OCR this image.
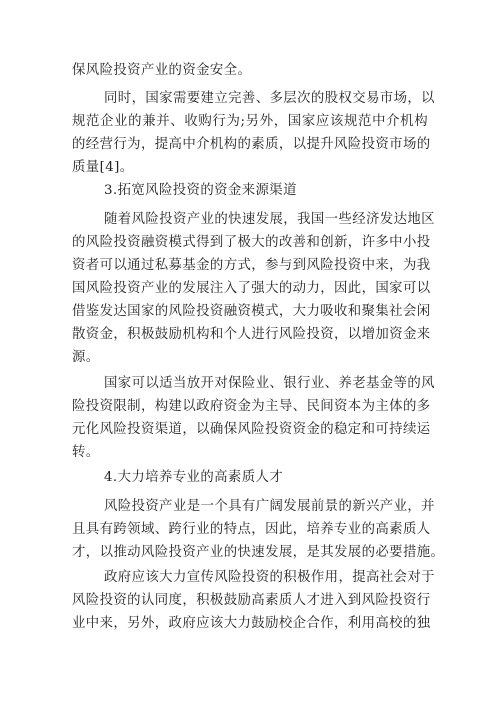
保风险投资产业的资金安全。
同时，国家需要建立完善、多层次的股权交易市场，以
规范企业的兼并、收购行为;另外，国家应该规范中介机构
的经营行为，提高中介机构的素质，以提升风险投资市场的
质量[4]。
3.拓宽风险投资的资金来源渠道
随着风险投资产业的快速发展，我国一些经济发达地区
的风险投资融资模式得到了极大的改善和创新，许多中小投
资者可以通过私募基金的方式，参与到风险投资中来，为我
国风险投资产业的发展注入了强大的动力，因此，国家可以
借鉴发达国家的风险投资融资模式，大力吸收和聚集社会闲
散资金，积极鼓励机构和个人进行风险投资，以增加资金来
源。
国家可以适当放开对保险业、银行业、养老基金等的风
险投资限制，构建以政府资金为主导、民间资本为主体的多
元化风险投资渠道，以确保风险投资资金的稳定和可持续运
转。
4.大力培养专业的高素质人才
风险投资产业是一个具有广阔发展前景的新兴产业，并
且具有跨领域、跨行业的特点，因此，培养专业的高素质人
才，以推动风险投资产业的快速发展，是其发展的必要措施。
政府应该大力宣传风险投资的积极作用，提高社会对于
风险投资的认同度，积极鼓励高素质人才进入到风险投资行
业中来，另外，政府应该大力鼓励校企合作，利用高校的独
